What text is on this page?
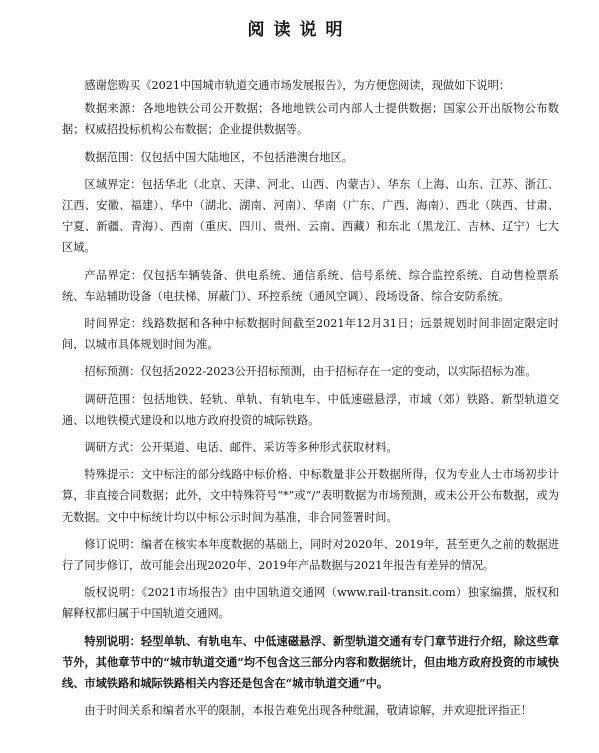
阅读说明

感谢您购买《2021中国城市轨道交通市场发展报告》，为方便您阅读，现做如下说明：

数据来源：各地地铁公司公开数据；各地地铁公司内部人士提供数据；国家公开出版物公布数据；权威招投标机构公布数据；企业提供数据等。

数据范围：仅包括中国大陆地区，不包括港澳台地区。

区域界定：包括华北（北京、天津、河北、山西、内蒙古）、华东（上海、山东、江苏、浙江、江西、安徽、福建）、华中（湖北、湖南、河南）、华南（广东、广西、海南）、西北（陕西、甘肃、宁夏、新疆、青海）、西南（重庆、四川、贵州、云南、西藏）和东北（黑龙江、吉林、辽宁）七大区域。

产品界定：仅包括车辆装备、供电系统、通信系统、信号系统、综合监控系统、自动售检票系统、车站辅助设备（电扶梯、屏蔽门）、环控系统（通风空调）、段场设备、综合安防系统。

时间界定：线路数据和各种中标数据时间截至2021年12月31日；远景规划时间非固定限定时间，以城市具体规划时间为准。

招标预测：仅包括2022-2023公开招标预测，由于招标存在一定的变动，以实际招标为准。

调研范围：包括地铁、轻轨、单轨、有轨电车、中低速磁悬浮，市域（郊）铁路、新型轨道交通、以地铁模式建设和以地方政府投资的城际铁路。

调研方式：公开渠道、电话、邮件、采访等多种形式获取材料。

特殊提示：文中标注的部分线路中标价格、中标数量非公开数据所得，仅为专业人士市场初步计算，非直接合同数据；此外，文中特殊符号“*”或“/”表明数据为市场预测，或未公开公布数据，或为无数据。文中中标统计均以中标公示时间为基准，非合同签署时间。

修订说明：编者在核实本年度数据的基础上，同时对2020年、2019年，甚至更久之前的数据进行了同步修订，故可能会出现2020年、2019年产品数据与2021年报告有差异的情况。

版权说明：《2021市场报告》由中国轨道交通网（www.rail-transit.com）独家编撰，版权和解释权都归属于中国轨道交通网。

特别说明：轻型单轨、有轨电车、中低速磁悬浮、新型轨道交通有专门章节进行介绍，除这些章节外，其他章节中的“城市轨道交通”均不包含这三部分内容和数据统计，但由地方政府投资的市域快线、市域铁路和城际铁路相关内容还是包含在“城市轨道交通”中。

由于时间关系和编者水平的限制，本报告难免出现各种纰漏，敬请谅解，并欢迎批评指正！
